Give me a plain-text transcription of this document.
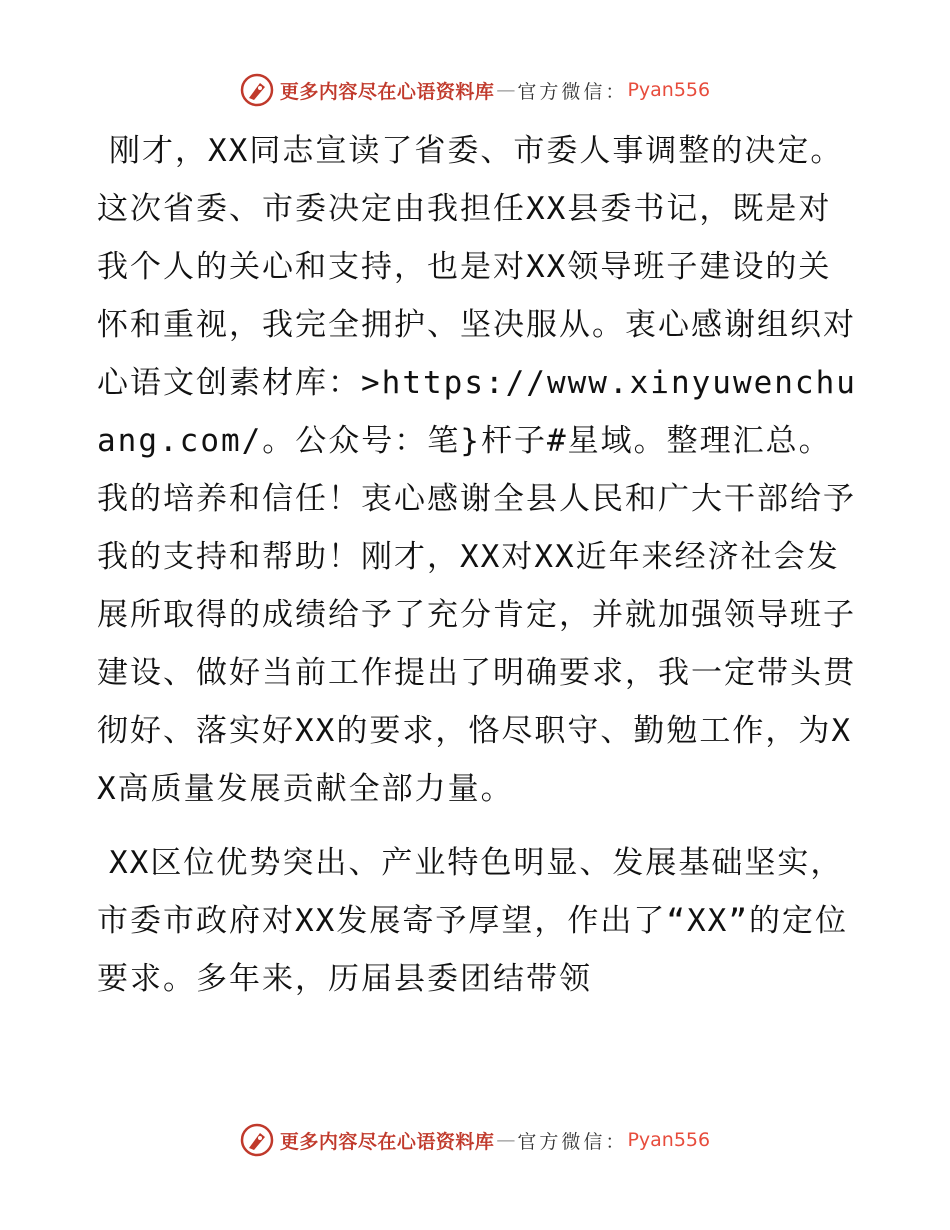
更多内容尽在心语资料库 — 官方微信： Pyan556

刚才，XX同志宣读了省委、市委人事调整的决定。这次省委、市委决定由我担任XX县委书记，既是对我个人的关心和支持，也是对XX领导班子建设的关怀和重视，我完全拥护、坚决服从。衷心感谢组织对心语文创素材库：>https://www.xinyuwenchuang.com/。公众号：笔}杆子#星域。整理汇总。我的培养和信任！衷心感谢全县人民和广大干部给予我的支持和帮助！刚才，XX对XX近年来经济社会发展所取得的成绩给予了充分肯定，并就加强领导班子建设、做好当前工作提出了明确要求，我一定带头贯彻好、落实好XX的要求，恪尽职守、勤勉工作，为XX高质量发展贡献全部力量。

XX区位优势突出、产业特色明显、发展基础坚实，市委市政府对XX发展寄予厚望，作出了“XX”的定位要求。多年来，历届县委团结带领

更多内容尽在心语资料库 — 官方微信： Pyan556
